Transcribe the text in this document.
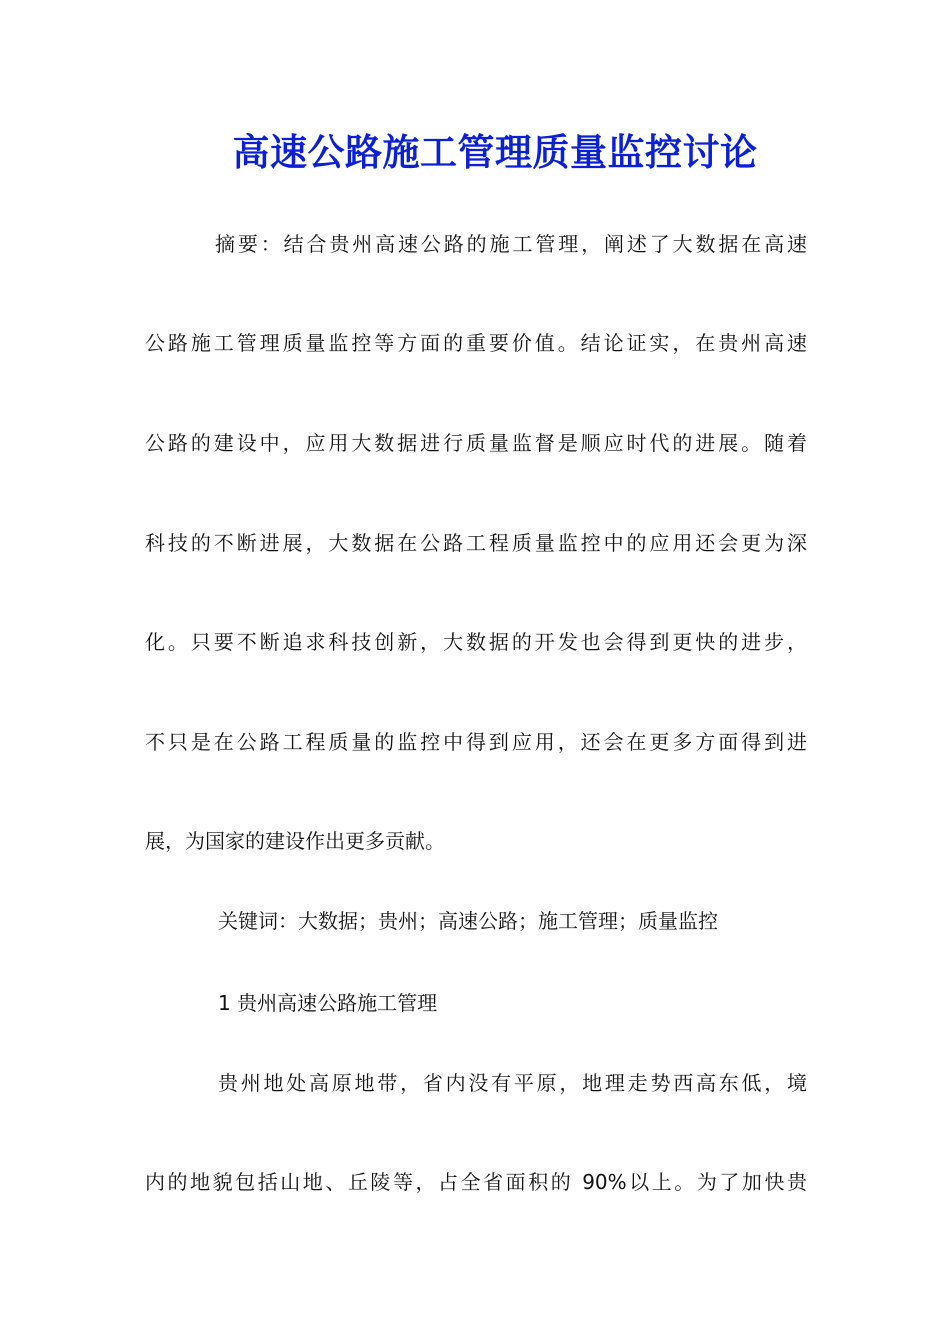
高速公路施工管理质量监控讨论

摘要：结合贵州高速公路的施工管理，阐述了大数据在高速

公路施工管理质量监控等方面的重要价值。结论证实，在贵州高速

公路的建设中，应用大数据进行质量监督是顺应时代的进展。随着

科技的不断进展，大数据在公路工程质量监控中的应用还会更为深

化。只要不断追求科技创新，大数据的开发也会得到更快的进步，

不只是在公路工程质量的监控中得到应用，还会在更多方面得到进

展，为国家的建设作出更多贡献。

关键词：大数据；贵州；高速公路；施工管理；质量监控

1 贵州高速公路施工管理

贵州地处高原地带，省内没有平原，地理走势西高东低，境

内的地貌包括山地、丘陵等，占全省面积的 90%以上。为了加快贵
